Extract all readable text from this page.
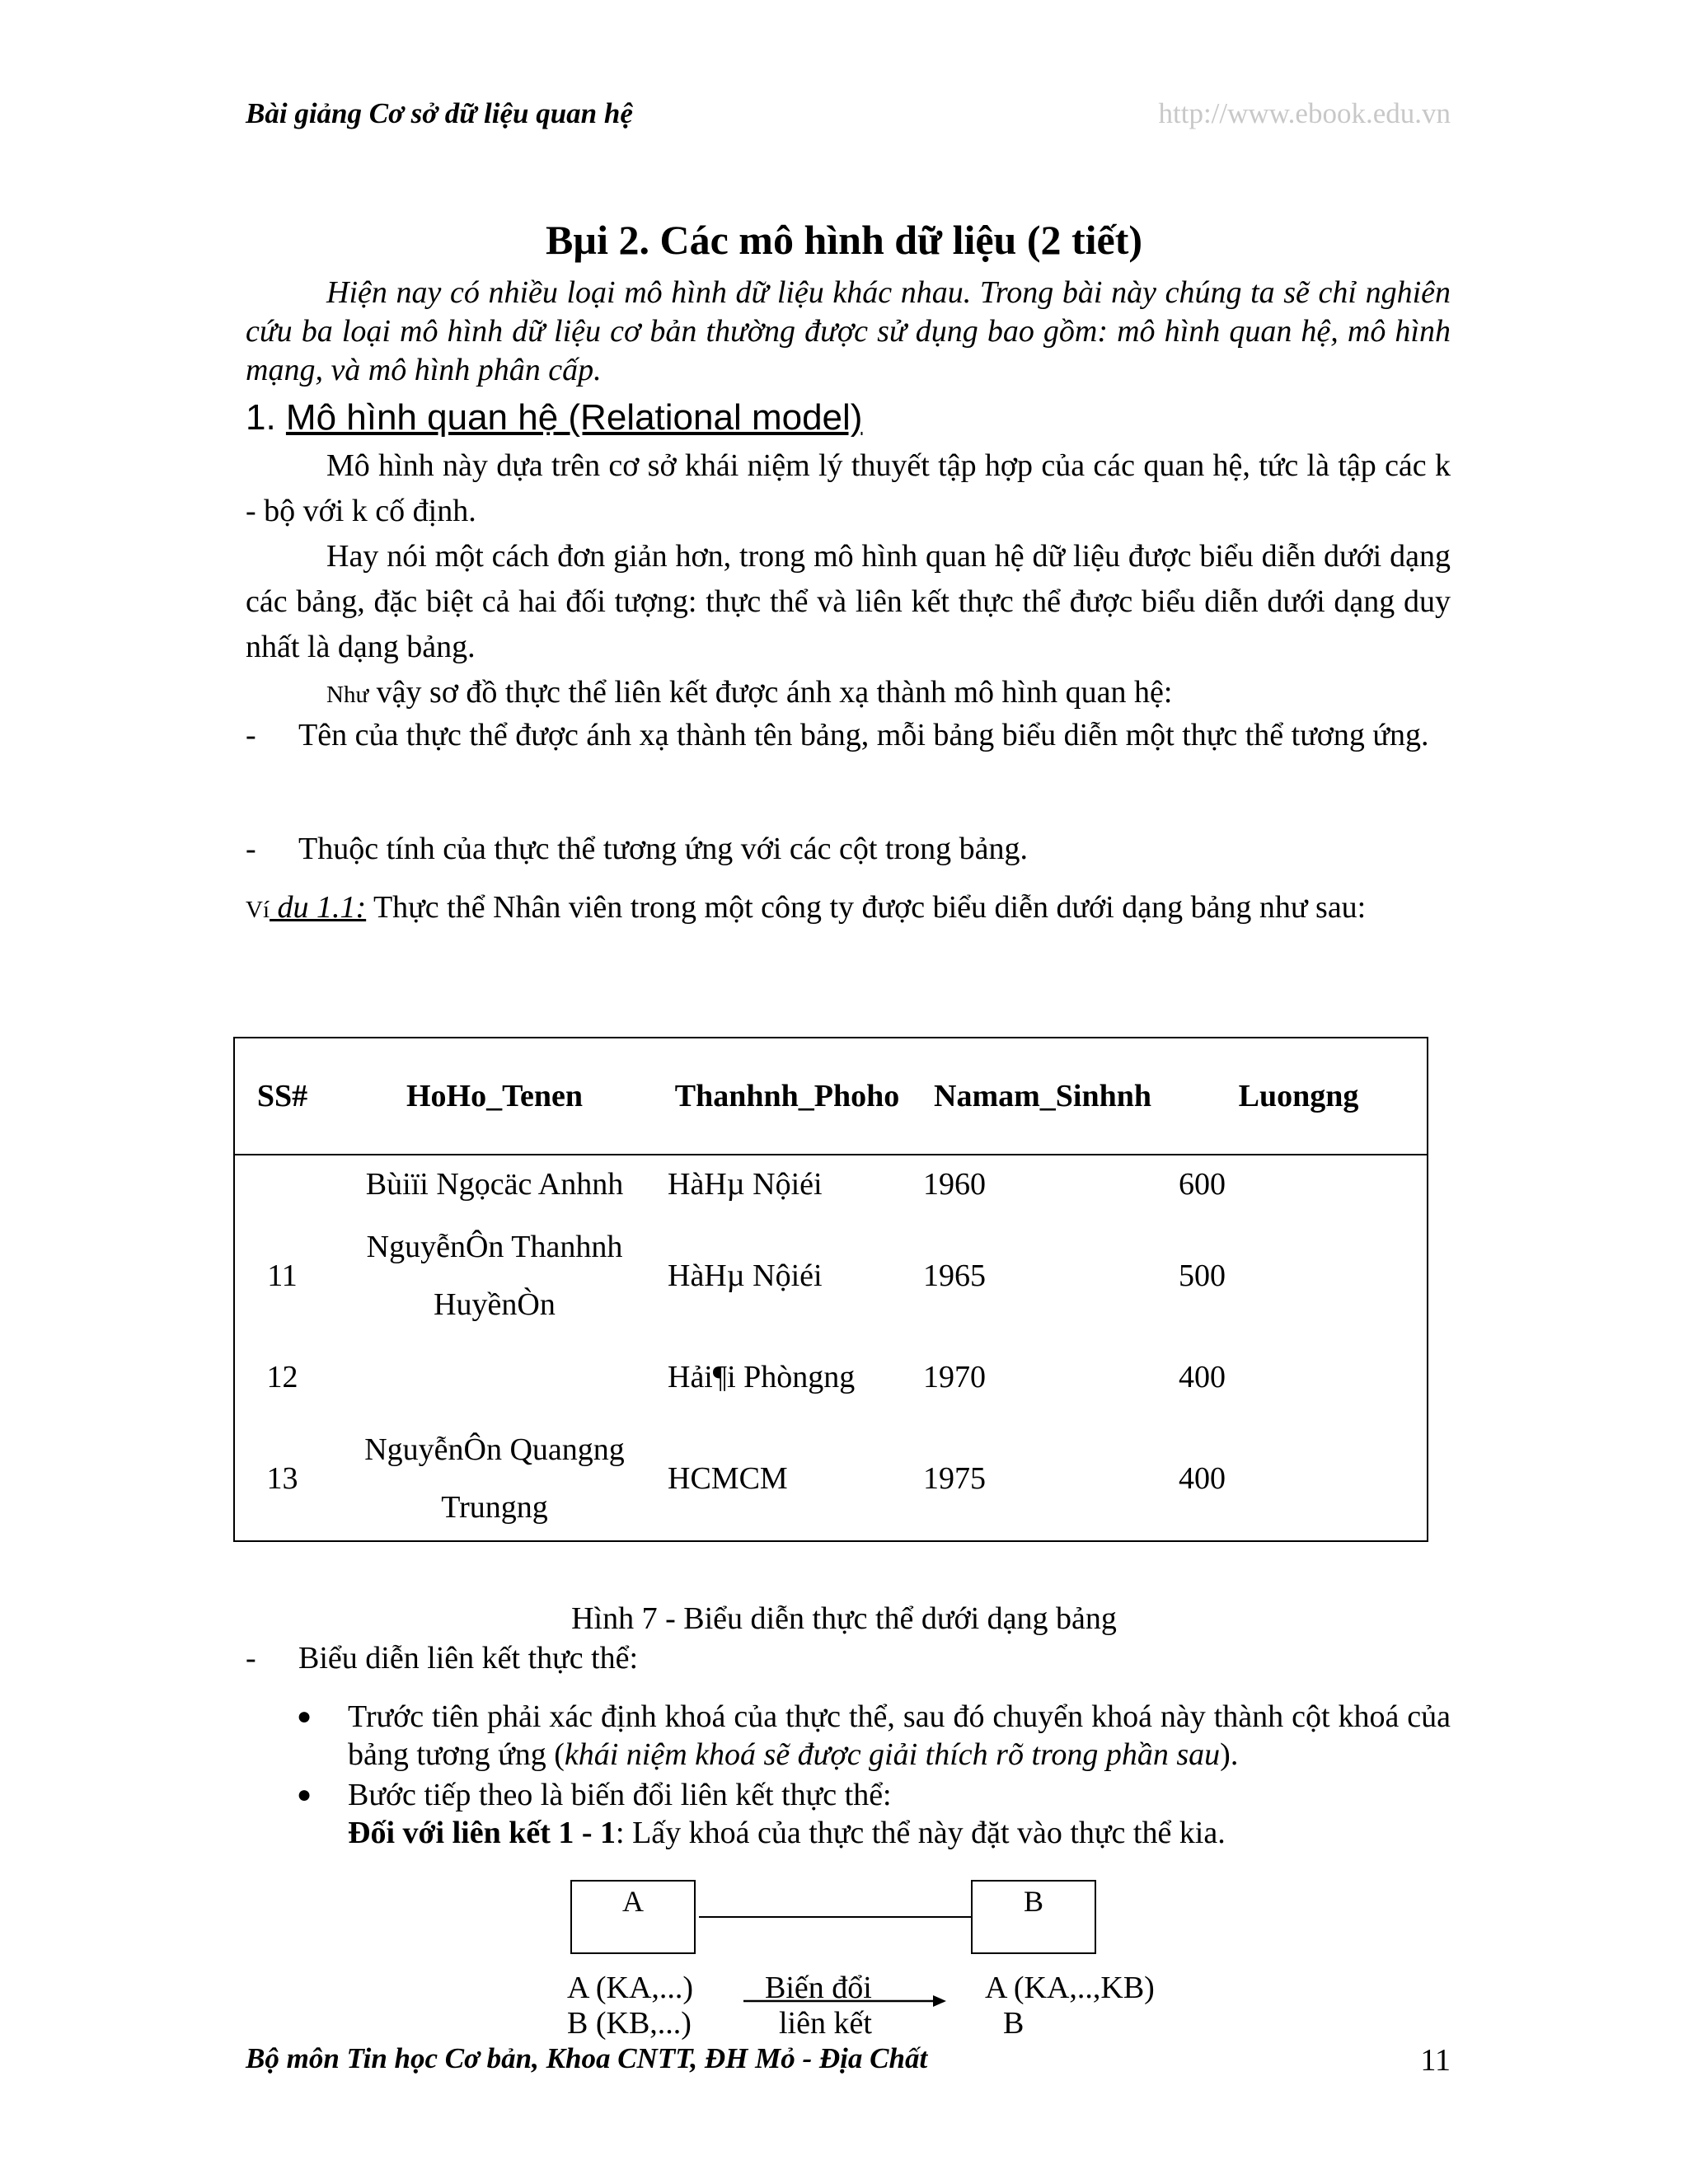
Bài giảng Cơ sở dữ liệu quan hệ	http://www.ebook.edu.vn
Bµi 2. Các mô hình dữ liệu (2 tiết)

Hiện nay có nhiều loại mô hình dữ liệu khác nhau. Trong bài này chúng ta sẽ chỉ nghiên cứu ba loại mô hình dữ liệu cơ bản thường được sử dụng bao gồm: mô hình quan hệ, mô hình mạng, và mô hình phân cấp.

1. Mô hình quan hệ (Relational model)

Mô hình này dựa trên cơ sở khái niệm lý thuyết tập hợp của các quan hệ, tức là tập các k - bộ với k cố định.

Hay nói một cách đơn giản hơn, trong mô hình quan hệ dữ liệu được biểu diễn dưới dạng các bảng, đặc biệt cả hai đối tượng: thực thể và liên kết thực thể được biểu diễn dưới dạng duy nhất là dạng bảng.

Như vậy sơ đồ thực thể liên kết được ánh xạ thành mô hình quan hệ:

- Tên của thực thể được ánh xạ thành tên bảng, mỗi bảng biểu diễn một thực thể tương ứng.
- Thuộc tính của thực thể tương ứng với các cột trong bảng.
Ví du 1.1: Thực thể Nhân viên trong một công ty được biểu diễn dưới dạng bảng như sau:
SS#	HoHo_Tenen	Thanhnh_Phoho	Namam_Sinhnh	Luongng
	Bùiïi Ngọcäc Anhnh	HàHµ Nộiéi	1960	600
11	NguyễnÔn Thanhnh HuyềnÒn	HàHµ Nộiéi	1965	500
12		Hải¶i Phòngng	1970	400
13	NguyễnÔn Quangng Trungng	HCMCM	1975	400
Hình 7 - Biểu diễn thực thể dưới dạng bảng
- Biểu diễn liên kết thực thể:
● Trước tiên phải xác định khoá của thực thể, sau đó chuyển khoá này thành cột khoá của bảng tương ứng (khái niệm khoá sẽ được giải thích rõ trong phần sau).
● Bước tiếp theo là biến đổi liên kết thực thể:
Đối với liên kết 1 - 1: Lấy khoá của thực thể này đặt vào thực thể kia.
A	B
A (KA,...)
B (KB,...)
Biến đổi
liên kết
A (KA,..,KB)
B
Bộ môn Tin học Cơ bản, Khoa CNTT, ĐH Mỏ - Địa Chất	11
